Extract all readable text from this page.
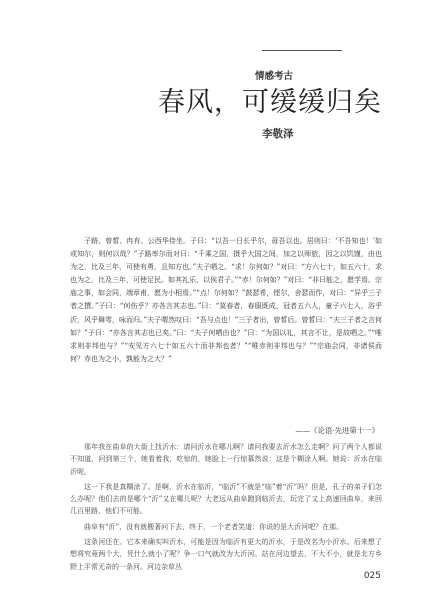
情感考古
春风，可缓缓归矣
李敬泽

子路、曾皙、冉有、公西华侍坐。子曰：“以吾一日长乎尔，毋吾以也。居则曰：‘不吾知也！’如或知尔，则何以哉？”子路率尔而对曰：“千乘之国，摄乎大国之间，加之以师旅，因之以饥馑，由也为之，比及三年，可使有勇，且知方也。”夫子哂之。“求！尔何如？”对曰：“方六七十，如五六十，求也为之，比及三年，可使足民。如其礼乐，以俟君子。”“赤！尔何如？”对曰：“非曰能之，愿学焉。宗庙之事，如会同，端章甫，愿为小相焉。”“点！尔何如？”鼓瑟希，铿尔，舍瑟而作，对曰：“异乎三子者之撰。”子曰：“何伤乎？亦各言其志也。”曰：“莫春者，春服既成，冠者五六人，童子六七人，浴乎沂，风乎舞雩，咏而归。”夫子喟然叹曰：“吾与点也！”三子者出，曾皙后。曾皙曰：“夫三子者之言何如？”子曰：“亦各言其志也已矣。”曰：“夫子何哂由也？”曰：“为国以礼，其言不让，是故哂之。”“唯求则非邦也与？”“安见方六七十如五六十而非邦也者？”“唯赤则非邦也与？”“宗庙会同，非诸侯而何？赤也为之小，孰能为之大？”

——《论语·先进第十一》

那年我在曲阜的大街上找沂水：请问沂水在哪儿啊？请问我要去沂水怎么走啊？问了两个人都说不知道，问到第三个，她看着我，吃惊的，她脸上一行惊慕然说：这是个糊涂人啊。她说：沂水在临沂呢。

这一下我是真糊涂了。是啊，沂水在临沂，“临沂”不就是“临”着“沂”吗？但是，孔子的弟子们怎么办呢？他们去的是哪个“沂”又在哪儿呢？大老远从曲阜跑到临沂去，玩完了又上高速回曲阜，来回几百里路，他们不可能。

曲阜有“沂”，没有就搬著问下去，终于，一个老者笑道：你说的是大沂河吧？在那。

这条河还在。它本来确实叫沂水，可能是因为临沂有更大的沂水，于是改名为小沂水。后来想了想将究竟两个大，凭什么就小了呢？争一口气就改为大沂河。站在河边望去，不大不小，就是北方乡野上平常无奇的一条河。河边杂草丛

025
